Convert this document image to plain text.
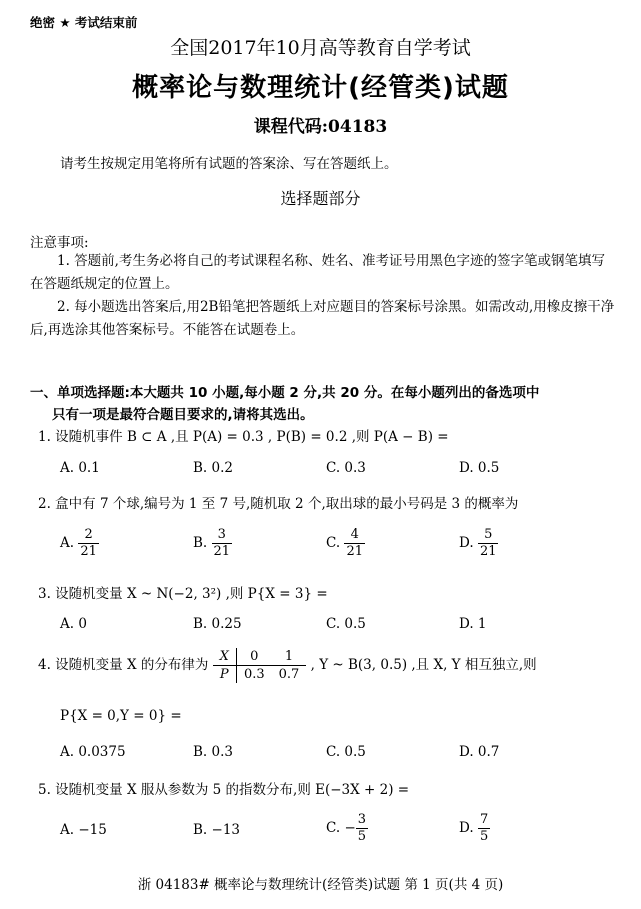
绝密 ★ 考试结束前
全国2017年10月高等教育自学考试
概率论与数理统计(经管类)试题
课程代码:04183
请考生按规定用笔将所有试题的答案涂、写在答题纸上。
选择题部分
注意事项:
1. 答题前,考生务必将自己的考试课程名称、姓名、准考证号用黑色字迹的签字笔或钢笔填写在答题纸规定的位置上。
2. 每小题选出答案后,用2B铅笔把答题纸上对应题目的答案标号涂黑。如需改动,用橡皮擦干净后,再选涂其他答案标号。不能答在试题卷上。
一、单项选择题:本大题共 10 小题,每小题 2 分,共 20 分。在每小题列出的备选项中
只有一项是最符合题目要求的,请将其选出。
1. 设随机事件 B ⊂ A ,且 P(A) = 0.3 , P(B) = 0.2 ,则 P(A − B) =
A. 0.1	B. 0.2	C. 0.3	D. 0.5
2. 盒中有 7 个球,编号为 1 至 7 号,随机取 2 个,取出球的最小号码是 3 的概率为
A. $\frac{2}{21}$	B. $\frac{3}{21}$	C. $\frac{4}{21}$	D. $\frac{5}{21}$
3. 设随机变量 X ~ N(−2, 3²) ,则 P{X = 3} =
A. 0	B. 0.25	C. 0.5	D. 1
4. 设随机变量 X 的分布律为 X	0	1
P	0.3	0.7 , Y ~ B(3, 0.5) ,且 X, Y 相互独立,则
P{X = 0,Y = 0} =
A. 0.0375	B. 0.3	C. 0.5	D. 0.7
5. 设随机变量 X 服从参数为 5 的指数分布,则 E(−3X + 2) =
A. −15	B. −13	C. − $\frac{3}{5}$	D. $\frac{7}{5}$
浙 04183# 概率论与数理统计(经管类)试题 第 1 页(共 4 页)
